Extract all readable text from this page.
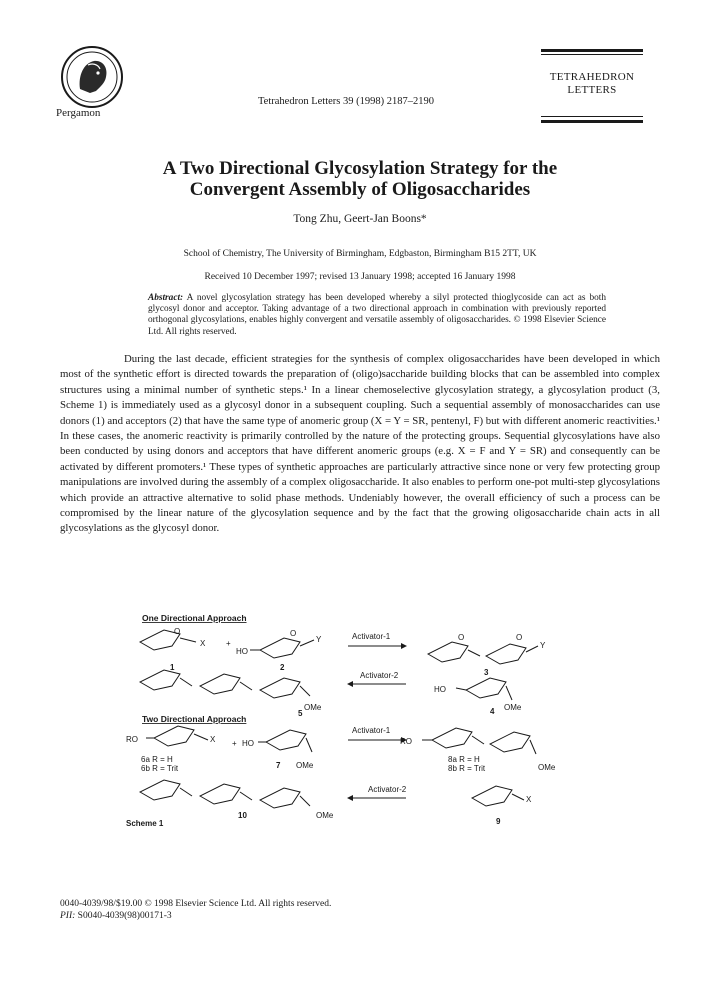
Pergamon
Tetrahedron Letters 39 (1998) 2187–2190
TETRAHEDRON
LETTERS
A Two Directional Glycosylation Strategy for the
Convergent Assembly of Oligosaccharides
Tong Zhu, Geert-Jan Boons*
School of Chemistry, The University of Birmingham, Edgbaston, Birmingham B15 2TT, UK
Received 10 December 1997; revised 13 January 1998; accepted 16 January 1998
Abstract: A novel glycosylation strategy has been developed whereby a silyl protected thioglycoside can act as both glycosyl donor and acceptor. Taking advantage of a two directional approach in combination with previously reported orthogonal glycosylations, enables highly convergent and versatile assembly of oligosaccharides. © 1998 Elsevier Science Ltd. All rights reserved.

During the last decade, efficient strategies for the synthesis of complex oligosaccharides have been developed in which most of the synthetic effort is directed towards the preparation of (oligo)saccharide building blocks that can be assembled into complex structures using a minimal number of synthetic steps.¹ In a linear chemoselective glycosylation strategy, a glycosylation product (3, Scheme 1) is immediately used as a glycosyl donor in a subsequent coupling. Such a sequential assembly of monosaccharides can use donors (1) and acceptors (2) that have the same type of anomeric group (X = Y = SR, pentenyl, F) but with different anomeric reactivities.¹ In these cases, the anomeric reactivity is primarily controlled by the nature of the protecting groups. Sequential glycosylations have also been conducted by using donors and acceptors that have different anomeric groups (e.g. X = F and Y = SR) and consequently can be activated by different promoters.¹ These types of synthetic approaches are particularly attractive since none or very few protecting group manipulations are involved during the assembly of a complex oligosaccharide. It also enables to perform one-pot multi-step glycosylations which provide an attractive alternative to solid phase methods. Undeniably however, the overall efficiency of such a process can be compromised by the linear nature of the glycosylation sequence and by the fact that the growing oligosaccharide chain acts in all glycosylations as the glycosyl donor.

One Directional Approach
O
X	+
HO
O
Y	Activator-1
Y
O
O
1	2
3
Activator-2
HO
5
OMe	4 OMe
Two Directional Approach
RO	X + HO
6a R = H
6b R = Trit	7 OMe
Activator-1
RO
8a R = H
8b R = Trit	OMe
Activator-2
X
10	OMe
9
Scheme 1
0040-4039/98/$19.00 © 1998 Elsevier Science Ltd. All rights reserved.
PII: S0040-4039(98)00171-3
